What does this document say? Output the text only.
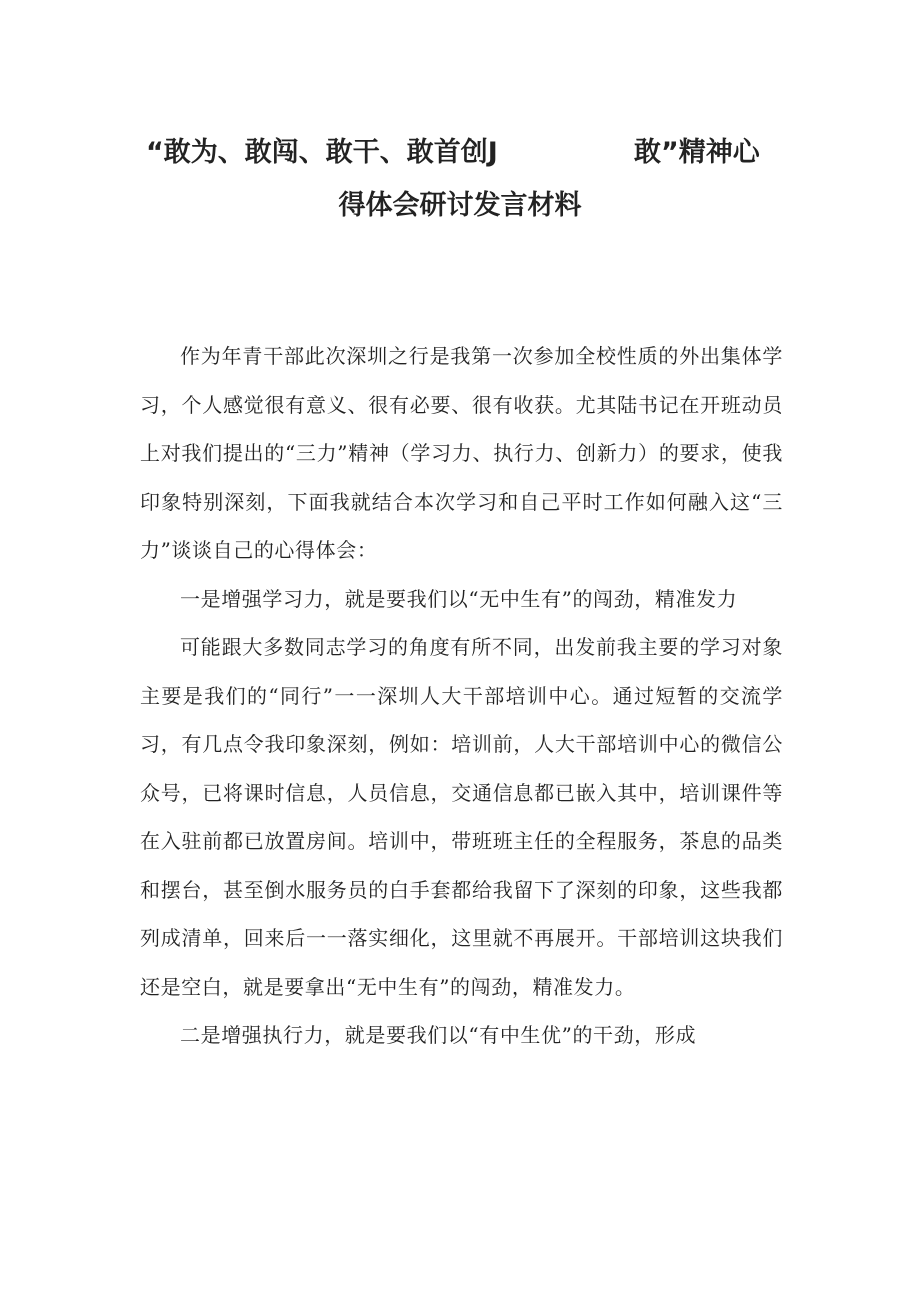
“敢为、敢闯、敢干、敢首创J	敢”精神心
得体会研讨发言材料

作为年青干部此次深圳之行是我第一次参加全校性质的外出集体学习，个人感觉很有意义、很有必要、很有收获。尤其陆书记在开班动员上对我们提出的“三力”精神（学习力、执行力、创新力）的要求，使我印象特别深刻，下面我就结合本次学习和自己平时工作如何融入这“三力”谈谈自己的心得体会：

一是增强学习力，就是要我们以“无中生有”的闯劲，精准发力

可能跟大多数同志学习的角度有所不同，出发前我主要的学习对象主要是我们的“同行”一一深圳人大干部培训中心。通过短暂的交流学习，有几点令我印象深刻，例如：培训前，人大干部培训中心的微信公众号，已将课时信息，人员信息，交通信息都已嵌入其中，培训课件等在入驻前都已放置房间。培训中，带班班主任的全程服务，茶息的品类和摆台，甚至倒水服务员的白手套都给我留下了深刻的印象，这些我都列成清单，回来后一一落实细化，这里就不再展开。干部培训这块我们还是空白，就是要拿出“无中生有”的闯劲，精准发力。

二是增强执行力，就是要我们以“有中生优”的干劲，形成
